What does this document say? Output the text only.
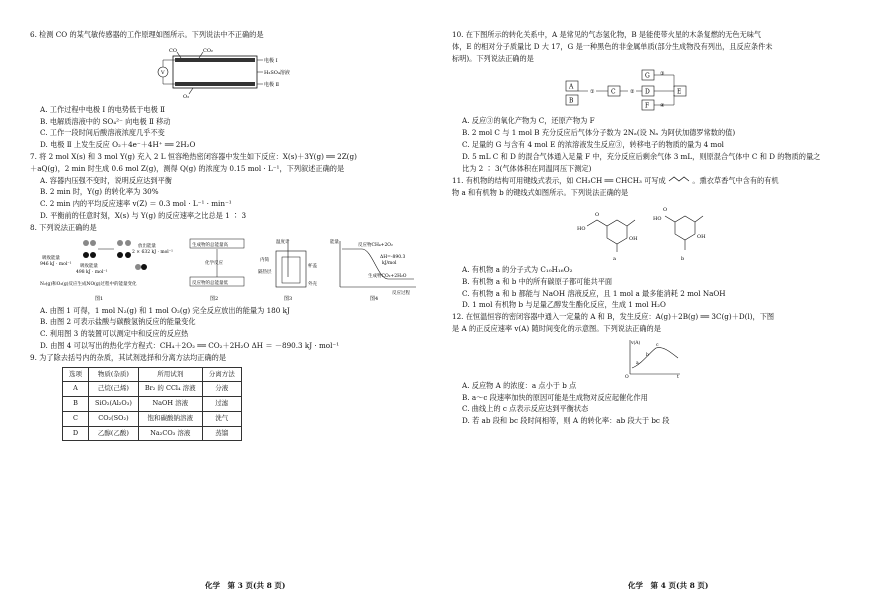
6. 检测 CO 的某气敏传感器的工作原理如图所示。下列说法中不正确的是
CO	CO₂
电极 Ⅰ
H₂SO₄溶液
电极 Ⅱ
V
O₂
A. 工作过程中电极 Ⅰ 的电势低于电极 Ⅱ
B. 电解质溶液中的 SO₄²⁻ 向电极 Ⅱ 移动
C. 工作一段时间后酸溶液浓度几乎不变
D. 电极 Ⅱ 上发生反应 O₂＋4e⁻＋4H⁺ ══ 2H₂O
7. 将 2 mol X(s) 和 3 mol Y(g) 充入 2 L 恒容绝热密闭容器中发生如下反应：X(s)＋3Y(g) ══ 2Z(g)
＋aQ(g)，2 min 时生成 0.6 mol Z(g)，测得 Q(g) 的浓度为 0.15 mol · L⁻¹，下列叙述正确的是
A. 容器内压强不变时，说明反应达到平衡
B. 2 min 时，Y(g) 的转化率为 30%
C. 2 min 内的平均反应速率 v(Z) ＝ 0.3 mol · L⁻¹ · min⁻¹
D. 平衡前的任意时刻，X(s) 与 Y(g) 的反应速率之比总是 1 ∶ 3
8. 下列说法正确的是
吸收能量
946 kJ · mol⁻¹ 吸收能量
498 kJ · mol⁻¹
放出能量
2 × 632 kJ · mol⁻¹
N₂(g)和O₂(g)反应生成NO(g)过程中的能量变化
图1
生成物的总能量高
化学反应
反应物的总能量低
图2
温度计
内筒
隔热层
杯盖
外壳
图3
能量
反应物CH₄+2O₂
ΔH=-890.3
kJ/mol
生成物CO₂+2H₂O
反应过程
图4
A. 由图 1 可得，1 mol N₂(g) 和 1 mol O₂(g) 完全反应放出的能量为 180 kJ
B. 由图 2 可表示盐酸与碳酸氢钠反应的能量变化
C. 利用图 3 的装置可以测定中和反应的反应热
D. 由图 4 可以写出的热化学方程式：CH₄＋2O₂ ══ CO₂＋2H₂O ΔH ＝ －890.3 kJ · mol⁻¹
9. 为了除去括号内的杂质，其试剂选择和分离方法均正确的是
选项	物质(杂质)	所用试剂	分离方法
A	己烷(己烯)	Br₂ 的 CCl₄ 溶液	分液
B	SiO₂(Al₂O₃)	NaOH 溶液	过滤
C	CO₂(SO₂)	饱和碳酸钠溶液	洗气
D	乙醇(乙酸)	Na₂CO₃ 溶液	蒸馏
10. 在下图所示的转化关系中，A 是常见的气态氢化物，B 是能使带火星的木条复燃的无色无味气
体，E 的相对分子质量比 D 大 17，G 是一种黑色的非金属单质(部分生成物没有列出，且反应条件未
标明)。下列说法正确的是
A
B
①	C	② D
F
G ③
④
E
A. 反应③的氧化产物为 C，还原产物为 F
B. 2 mol C 与 1 mol B 充分反应后气体分子数为 2Nₐ(设 Nₐ 为阿伏加德罗常数的值)
C. 足量的 G 与含有 4 mol E 的浓溶液发生反应③，转移电子的物质的量为 4 mol
D. 5 mL C 和 D 的混合气体通入足量 F 中，充分反应后剩余气体 3 mL，则原混合气体中 C 和 D 的物质的量之
比为 2 ∶ 3(气体体积在同温同压下测定)
11. 有机物的结构可用键线式表示，如 CH₃CH ══ CHCH₃ 可写成	。熏衣草香气中含有的有机
物 a 和有机物 b 的键线式如图所示。下列说法正确的是
O
HO
OH
a
O
HO
OH
b
A. 有机物 a 的分子式为 C₁₀H₁₆O₂
B. 有机物 a 和 b 中的所有碳原子都可能共平面
C. 有机物 a 和 b 都能与 NaOH 溶液反应，且 1 mol a 最多能消耗 2 mol NaOH
D. 1 mol 有机物 b 与足量乙醇发生酯化反应，生成 1 mol H₂O
12. 在恒温恒容的密闭容器中通入一定量的 A 和 B，发生反应：A(g)＋2B(g) ══ 3C(g)＋D(l)，下图
是 A 的正反应速率 v(A) 随时间变化的示意图。下列说法正确的是
v(A)
t
O
a
b
c
A. 反应物 A 的浓度：a 点小于 b 点
B. a～c 段速率加快的原因可能是生成物对反应起催化作用
C. 曲线上的 c 点表示反应达到平衡状态
D. 若 ab 段和 bc 段时间相等，则 A 的转化率：ab 段大于 bc 段
化学　第 3 页(共 8 页)	化学　第 4 页(共 8 页)
